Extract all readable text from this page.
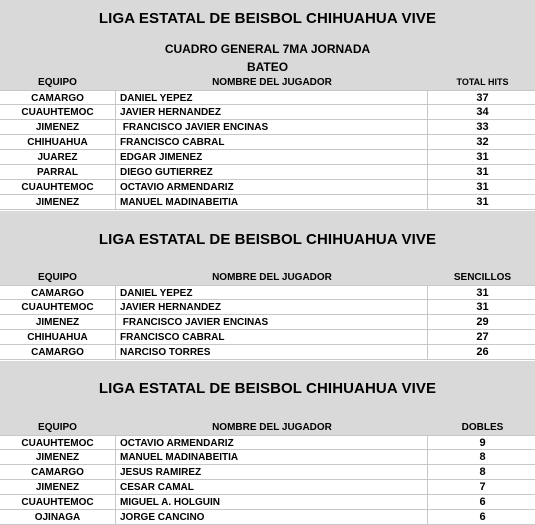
LIGA ESTATAL DE BEISBOL CHIHUAHUA VIVE
CUADRO GENERAL 7MA JORNADA
BATEO
EQUIPO	NOMBRE DEL JUGADOR	TOTAL HITS
CAMARGO	DANIEL YEPEZ	37
CUAUHTEMOC	JAVIER HERNANDEZ	34
JIMENEZ	FRANCISCO JAVIER ENCINAS	33
CHIHUAHUA	FRANCISCO CABRAL	32
JUAREZ	EDGAR JIMENEZ	31
PARRAL	DIEGO GUTIERREZ	31
CUAUHTEMOC	OCTAVIO ARMENDARIZ	31
JIMENEZ	MANUEL MADINABEITIA	31
LIGA ESTATAL DE BEISBOL CHIHUAHUA VIVE
EQUIPO	NOMBRE DEL JUGADOR	SENCILLOS
CAMARGO	DANIEL YEPEZ	31
CUAUHTEMOC	JAVIER HERNANDEZ	31
JIMENEZ	FRANCISCO JAVIER ENCINAS	29
CHIHUAHUA	FRANCISCO CABRAL	27
CAMARGO	NARCISO TORRES	26
LIGA ESTATAL DE BEISBOL CHIHUAHUA VIVE
EQUIPO	NOMBRE DEL JUGADOR	DOBLES
CUAUHTEMOC	OCTAVIO ARMENDARIZ	9
JIMENEZ	MANUEL MADINABEITIA	8
CAMARGO	JESUS RAMIREZ	8
JIMENEZ	CESAR CAMAL	7
CUAUHTEMOC	MIGUEL A. HOLGUIN	6
OJINAGA	JORGE CANCINO	6
